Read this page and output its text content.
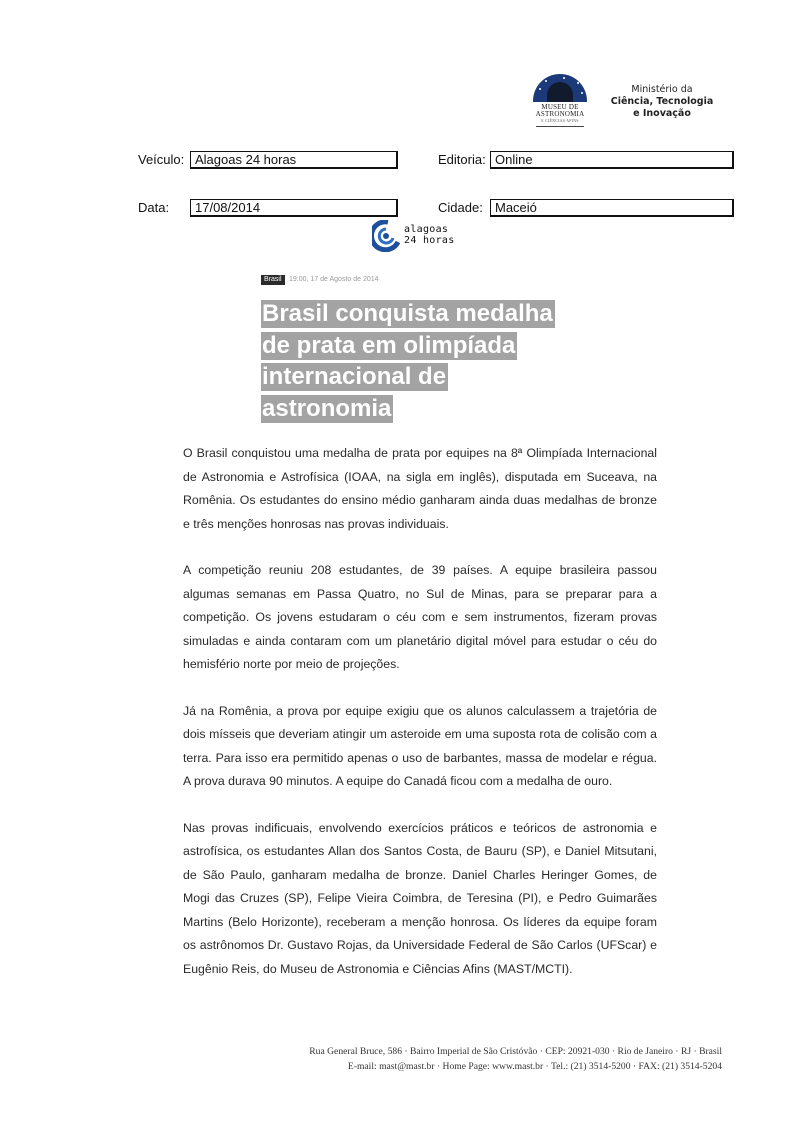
MUSEU DE
ASTRONOMIA
E CIÊNCIAS AFINS
Ministério da
Ciência, Tecnologia
e Inovação
Veículo: Alagoas 24 horas	Editoria: Online
Data:	17/08/2014	Cidade: Maceió
alagoas
24 horas
Brasil	19:00, 17 de Agosto de 2014
Brasil conquista medalha
de prata em olimpíada
internacional de
astronomia

O Brasil conquistou uma medalha de prata por equipes na 8ª Olimpíada Internacional de Astronomia e Astrofísica (IOAA, na sigla em inglês), disputada em Suceava, na Romênia. Os estudantes do ensino médio ganharam ainda duas medalhas de bronze e três menções honrosas nas provas individuais.

A competição reuniu 208 estudantes, de 39 países. A equipe brasileira passou algumas semanas em Passa Quatro, no Sul de Minas, para se preparar para a competição. Os jovens estudaram o céu com e sem instrumentos, fizeram provas simuladas e ainda contaram com um planetário digital móvel para estudar o céu do hemisfério norte por meio de projeções.

Já na Romênia, a prova por equipe exigiu que os alunos calculassem a trajetória de dois mísseis que deveriam atingir um asteroide em uma suposta rota de colisão com a terra. Para isso era permitido apenas o uso de barbantes, massa de modelar e régua. A prova durava 90 minutos. A equipe do Canadá ficou com a medalha de ouro.

Nas provas indificuais, envolvendo exercícios práticos e teóricos de astronomia e astrofísica, os estudantes Allan dos Santos Costa, de Bauru (SP), e Daniel Mitsutani, de São Paulo, ganharam medalha de bronze. Daniel Charles Heringer Gomes, de Mogi das Cruzes (SP), Felipe Vieira Coimbra, de Teresina (PI), e Pedro Guimarães Martins (Belo Horizonte), receberam a menção honrosa. Os líderes da equipe foram os astrônomos Dr. Gustavo Rojas, da Universidade Federal de São Carlos (UFScar) e Eugênio Reis, do Museu de Astronomia e Ciências Afins (MAST/MCTI).

Rua General Bruce, 586 · Bairro Imperial de São Cristóvão · CEP: 20921-030 · Rio de Janeiro · RJ · Brasil
E-mail: mast@mast.br · Home Page: www.mast.br · Tel.: (21) 3514-5200 · FAX: (21) 3514-5204
